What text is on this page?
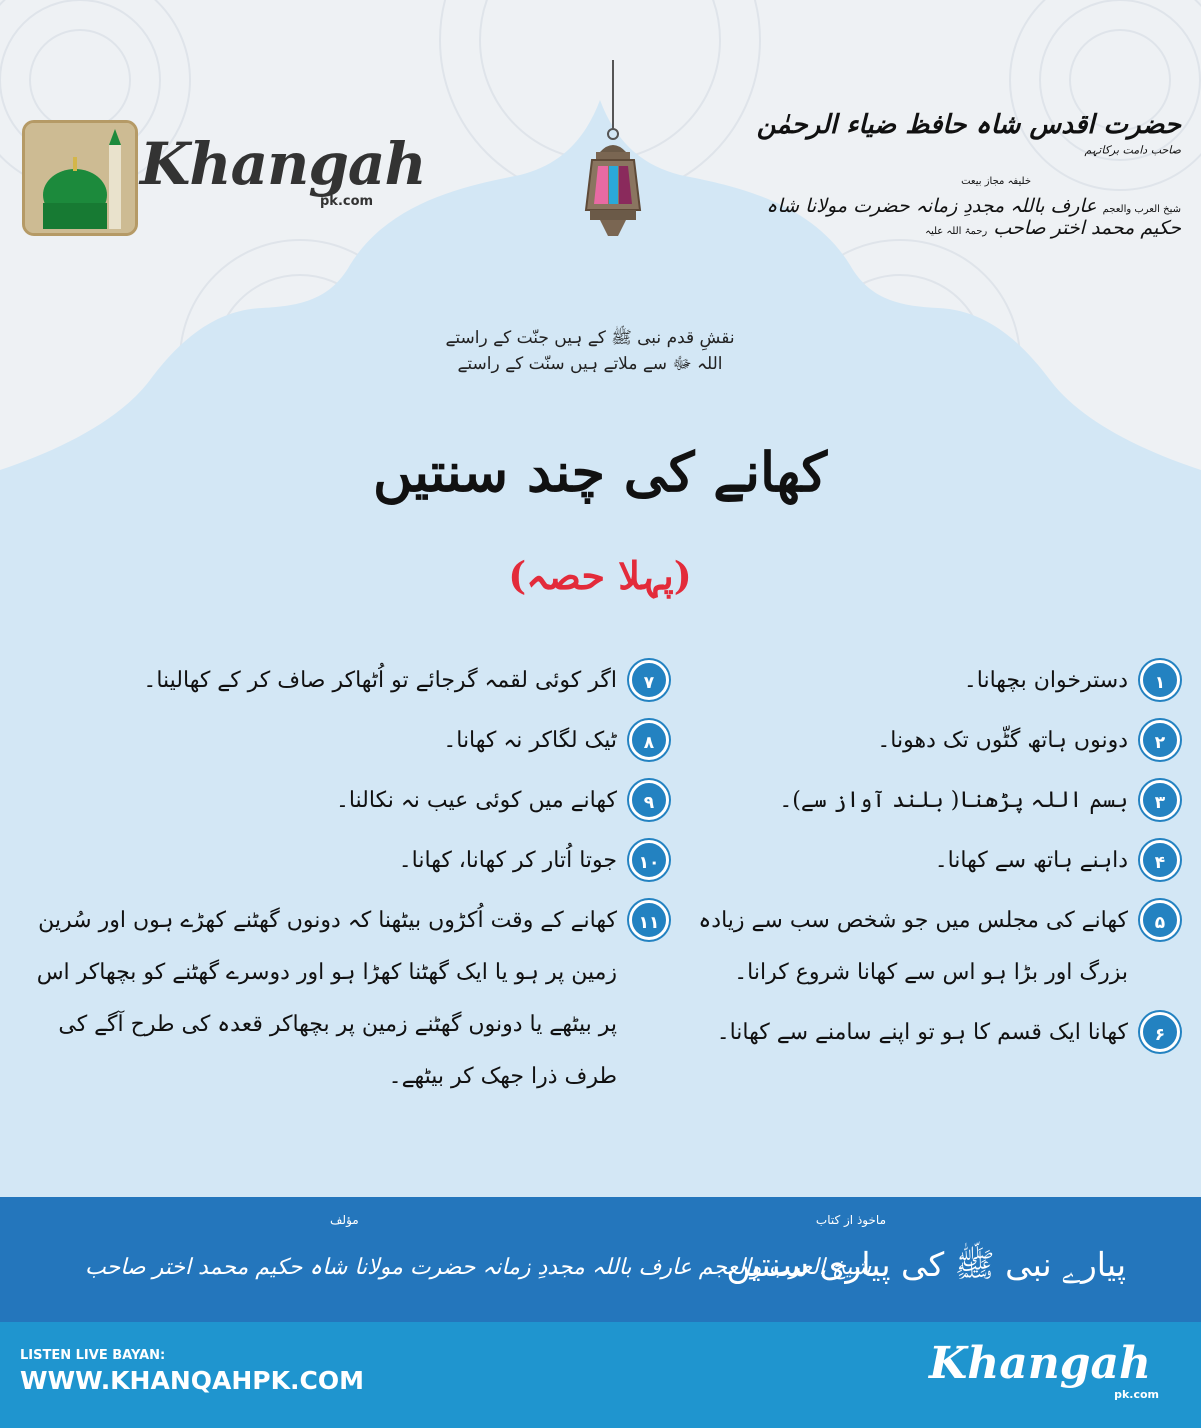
Khangah
pk.com
حضرت اقدس شاہ حافظ ضیاء الرحمٰن $^{صاحب دامت برکاتہم}$
خلیفہ مجاز بیعت
شیخ العرب والعجم عارف باللہ مجددِ زمانہ حضرت مولانا شاہ حکیم محمد اختر صاحب رحمۃ اللہ علیہ
نقشِ قدم نبی ﷺ کے ہیں جنّت کے راستے
اللہ ﷻ سے ملاتے ہیں سنّت کے راستے
کھانے کی چند سنتیں
(پہلا حصہ)
۱
دسترخوان بچھانا۔
۲
دونوں ہاتھ گٹّوں تک دھونا۔
۳
بسم اللہ پڑھنا( بلند آواز سے)۔
۴
داہنے ہاتھ سے کھانا۔
۵
کھانے کی مجلس میں جو شخص سب سے زیادہ بزرگ اور بڑا ہو اس سے کھانا شروع کرانا۔
۶
کھانا ایک قسم کا ہو تو اپنے سامنے سے کھانا۔
۷
اگر کوئی لقمہ گرجائے تو اُٹھاکر صاف کر کے کھالینا۔
۸
ٹیک لگاکر نہ کھانا۔
۹
کھانے میں کوئی عیب نہ نکالنا۔
۱۰
جوتا اُتار کر کھانا، کھانا۔
۱۱
کھانے کے وقت اُکڑوں بیٹھنا کہ دونوں گھٹنے کھڑے ہوں اور سُرین زمین پر ہو یا ایک گھٹنا کھڑا ہو اور دوسرے گھٹنے کو بچھاکر اس پر بیٹھے یا دونوں گھٹنے زمین پر بچھاکر قعدہ کی طرح آگے کی طرف ذرا جھک کر بیٹھے۔
ماخوذ از کتاب
پیارے نبی ﷺ کی پیاری سنتیں
مؤلف
شیخ العرب والعجم عارف باللہ مجددِ زمانہ حضرت مولانا شاہ حکیم محمد اختر صاحب
LISTEN LIVE BAYAN:
WWW.KHANQAHPK.COM	Khangah
pk.com
